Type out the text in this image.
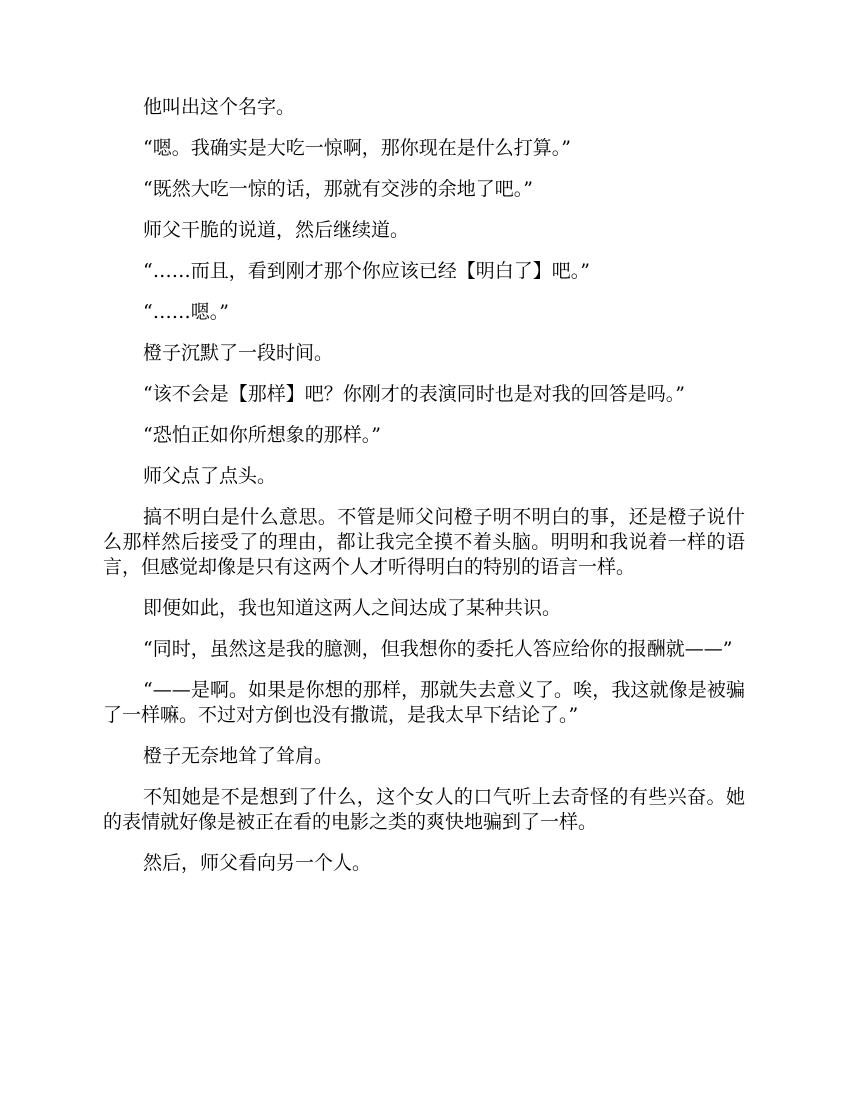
他叫出这个名字。

“嗯。我确实是大吃一惊啊，那你现在是什么打算。”

“既然大吃一惊的话，那就有交涉的余地了吧。”

师父干脆的说道，然后继续道。

“……而且，看到刚才那个你应该已经【明白了】吧。”

“……嗯。”

橙子沉默了一段时间。

“该不会是【那样】吧？你刚才的表演同时也是对我的回答是吗。”

“恐怕正如你所想象的那样。”

师父点了点头。

搞不明白是什么意思。不管是师父问橙子明不明白的事，还是橙子说什么那样然后接受了的理由，都让我完全摸不着头脑。明明和我说着一样的语言，但感觉却像是只有这两个人才听得明白的特别的语言一样。

即便如此，我也知道这两人之间达成了某种共识。

“同时，虽然这是我的臆测，但我想你的委托人答应给你的报酬就——”

“——是啊。如果是你想的那样，那就失去意义了。唉，我这就像是被骗了一样嘛。不过对方倒也没有撒谎，是我太早下结论了。”

橙子无奈地耸了耸肩。

不知她是不是想到了什么，这个女人的口气听上去奇怪的有些兴奋。她的表情就好像是被正在看的电影之类的爽快地骗到了一样。

然后，师父看向另一个人。
